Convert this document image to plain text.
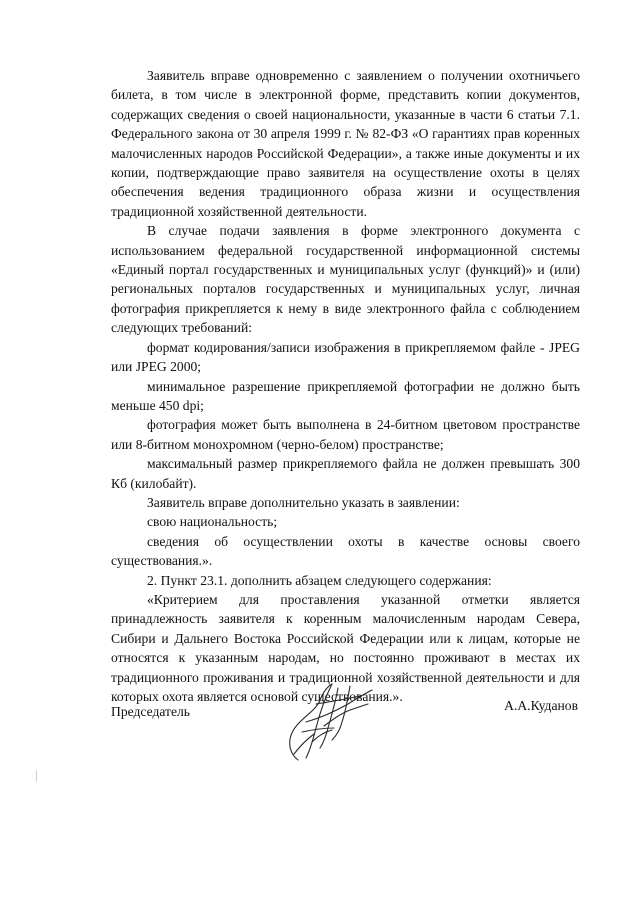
Заявитель вправе одновременно с заявлением о получении охотничьего билета, в том числе в электронной форме, представить копии документов, содержащих сведения о своей национальности, указанные в части 6 статьи 7.1. Федерального закона от 30 апреля 1999 г. № 82-ФЗ «О гарантиях прав коренных малочисленных народов Российской Федерации», а также иные документы и их копии, подтверждающие право заявителя на осуществление охоты в целях обеспечения ведения традиционного образа жизни и осуществления традиционной хозяйственной деятельности.

В случае подачи заявления в форме электронного документа с использованием федеральной государственной информационной системы «Единый портал государственных и муниципальных услуг (функций)» и (или) региональных порталов государственных и муниципальных услуг, личная фотография прикрепляется к нему в виде электронного файла с соблюдением следующих требований:

формат кодирования/записи изображения в прикрепляемом файле - JPEG или JPEG 2000;

минимальное разрешение прикрепляемой фотографии не должно быть меньше 450 dpi;

фотография может быть выполнена в 24-битном цветовом пространстве или 8-битном монохромном (черно-белом) пространстве;

максимальный размер прикрепляемого файла не должен превышать 300 Кб (килобайт).

Заявитель вправе дополнительно указать в заявлении:

свою национальность;

сведения об осуществлении охоты в качестве основы своего существования.».

2. Пункт 23.1. дополнить абзацем следующего содержания:

«Критерием для проставления указанной отметки является принадлежность заявителя к коренным малочисленным народам Севера, Сибири и Дальнего Востока Российской Федерации или к лицам, которые не относятся к указанным народам, но постоянно проживают в местах их традиционного проживания и традиционной хозяйственной деятельности и для которых охота является основой существования.».

Председатель	А.А.Куданов
